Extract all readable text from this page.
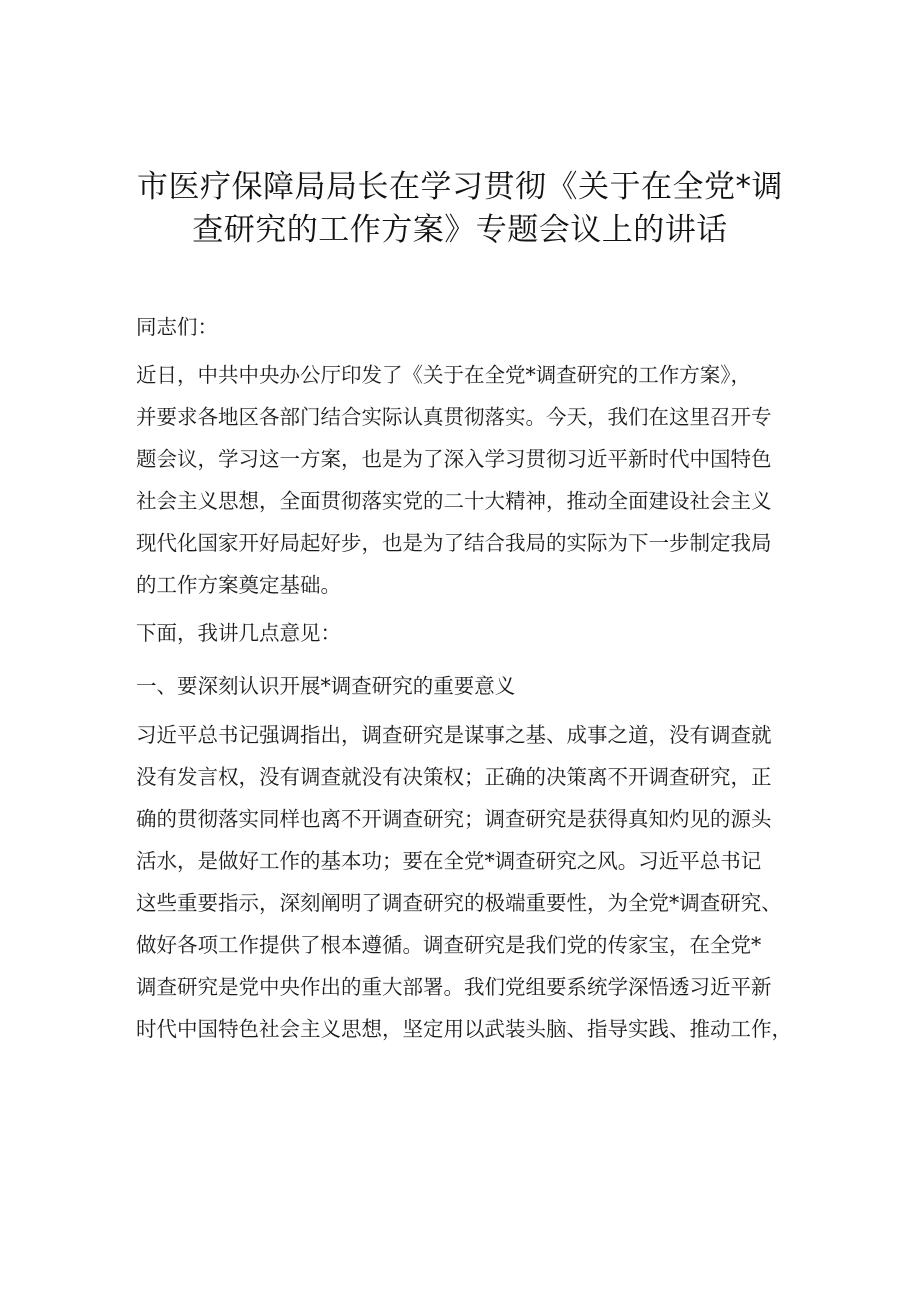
市医疗保障局局长在学习贯彻《关于在全党*调
查研究的工作方案》专题会议上的讲话

同志们：

近日，中共中央办公厅印发了《关于在全党*调查研究的工作方案》，

并要求各地区各部门结合实际认真贯彻落实。今天，我们在这里召开专

题会议，学习这一方案，也是为了深入学习贯彻习近平新时代中国特色

社会主义思想，全面贯彻落实党的二十大精神，推动全面建设社会主义

现代化国家开好局起好步，也是为了结合我局的实际为下一步制定我局

的工作方案奠定基础。

下面，我讲几点意见：

一、要深刻认识开展*调查研究的重要意义

习近平总书记强调指出，调查研究是谋事之基、成事之道，没有调查就

没有发言权，没有调查就没有决策权；正确的决策离不开调查研究，正

确的贯彻落实同样也离不开调查研究；调查研究是获得真知灼见的源头

活水，是做好工作的基本功；要在全党*调查研究之风。习近平总书记

这些重要指示，深刻阐明了调查研究的极端重要性，为全党*调查研究、

做好各项工作提供了根本遵循。调查研究是我们党的传家宝，在全党*

调查研究是党中央作出的重大部署。我们党组要系统学深悟透习近平新

时代中国特色社会主义思想，坚定用以武装头脑、指导实践、推动工作，
